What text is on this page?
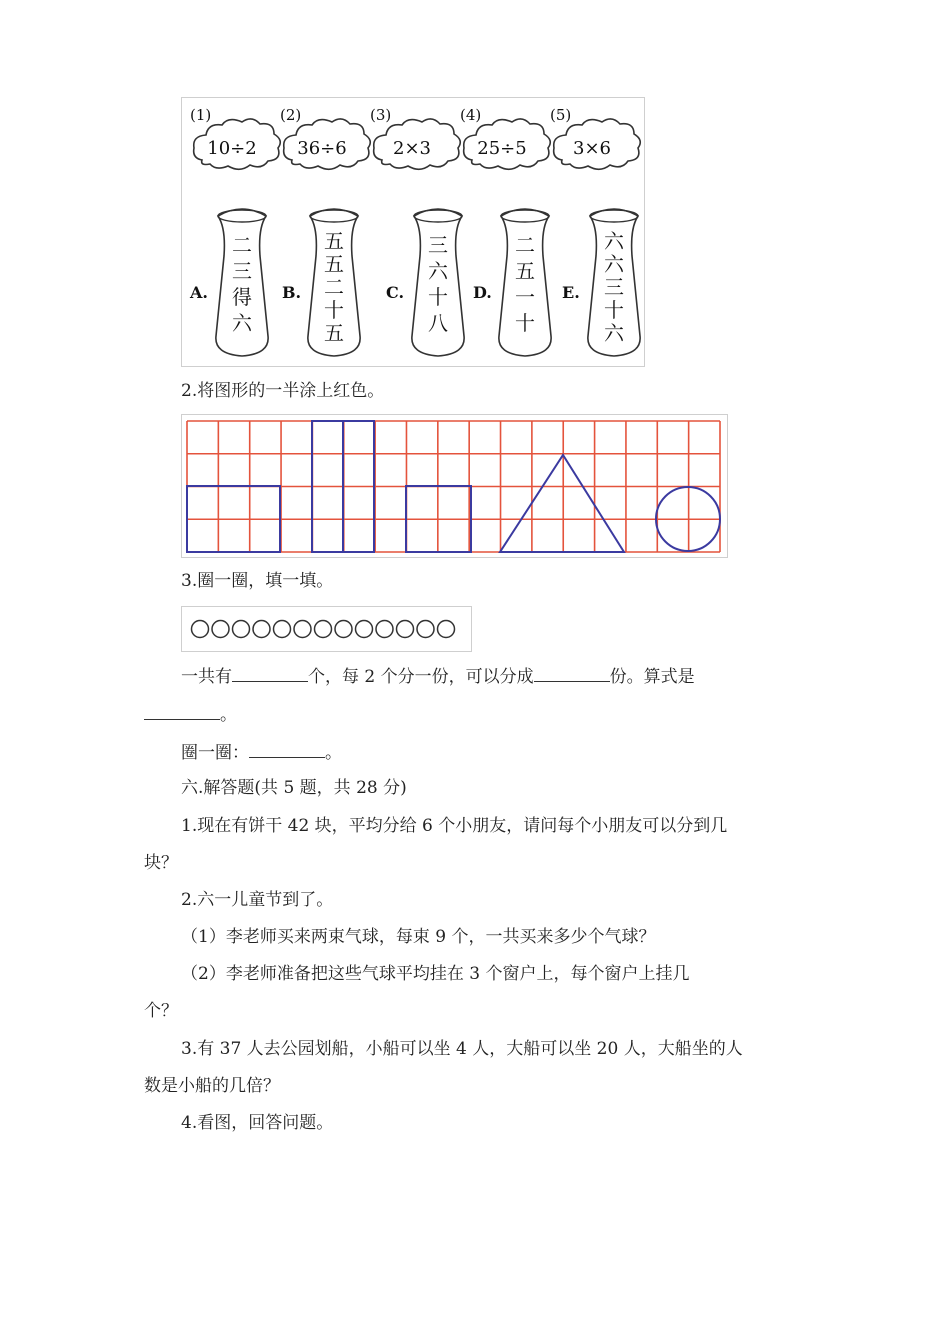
(1)
10÷2
(2)
36÷6
(3)
2×3
(4)
25÷5
(5)
3×6
A.
二
三
得
六
B.
五
五
二
十
五
C.
三
六
十
八
D.
二
五
一
十
E.
六
六
三
十
六
2.将图形的一半涂上红色。
3.圈一圈，填一填。
一共有	个，每 2 个分一份，可以分成	份。算式是
。
圈一圈：	。
六.解答题(共 5 题，共 28 分)
1.现在有饼干 42 块，平均分给 6 个小朋友，请问每个小朋友可以分到几
块？
2.六一儿童节到了。
（1）李老师买来两束气球，每束 9 个，一共买来多少个气球？
（2）李老师准备把这些气球平均挂在 3 个窗户上，每个窗户上挂几
个？
3.有 37 人去公园划船，小船可以坐 4 人，大船可以坐 20 人，大船坐的人
数是小船的几倍？
4.看图，回答问题。
